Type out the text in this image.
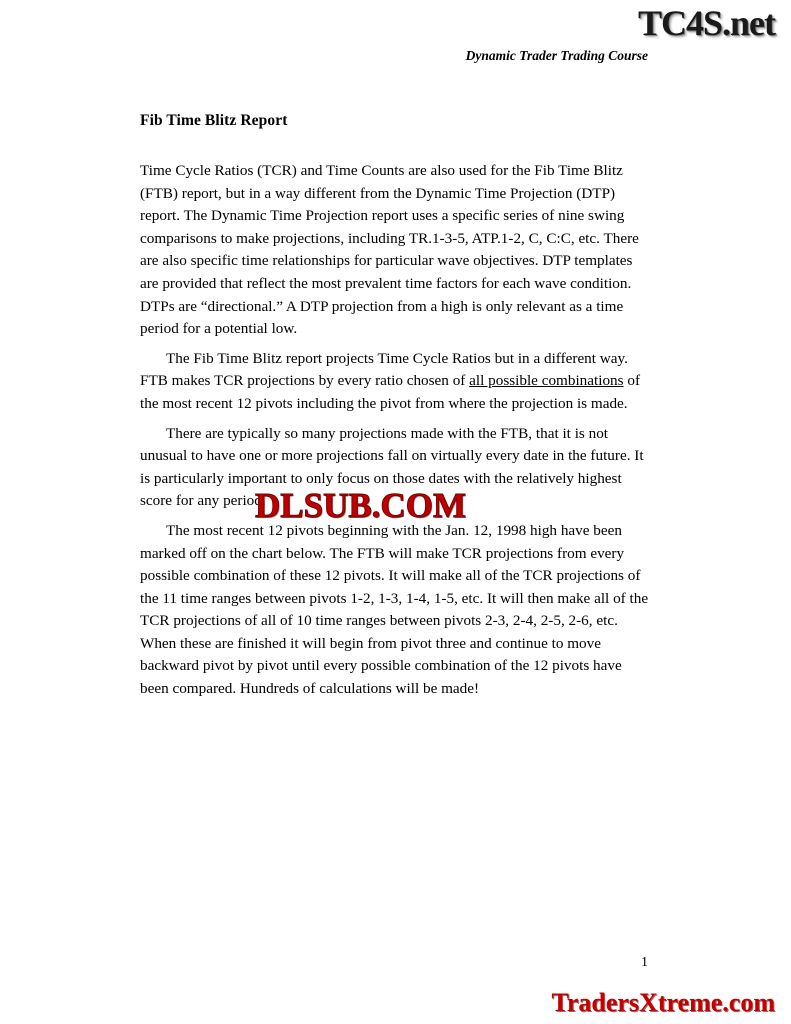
TC4S.net
Dynamic Trader Trading Course
Fib Time Blitz Report

Time Cycle Ratios (TCR) and Time Counts are also used for the Fib Time Blitz (FTB) report, but in a way different from the Dynamic Time Projection (DTP) report. The Dynamic Time Projection report uses a specific series of nine swing comparisons to make projections, including TR.1-3-5, ATP.1-2, C, C:C, etc. There are also specific time relationships for particular wave objectives. DTP templates are provided that reflect the most prevalent time factors for each wave condition. DTPs are “directional.” A DTP projection from a high is only relevant as a time period for a potential low.

The Fib Time Blitz report projects Time Cycle Ratios but in a different way. FTB makes TCR projections by every ratio chosen of all possible combinations of the most recent 12 pivots including the pivot from where the projection is made.

There are typically so many projections made with the FTB, that it is not unusual to have one or more projections fall on virtually every date in the future. It is particularly important to only focus on those dates with the relatively highest score for any period.

The most recent 12 pivots beginning with the Jan. 12, 1998 high have been marked off on the chart below. The FTB will make TCR projections from every possible combination of these 12 pivots. It will make all of the TCR projections of the 11 time ranges between pivots 1-2, 1-3, 1-4, 1-5, etc. It will then make all of the TCR projections of all of 10 time ranges between pivots 2-3, 2-4, 2-5, 2-6, etc. When these are finished it will begin from pivot three and continue to move backward pivot by pivot until every possible combination of the 12 pivots have been compared. Hundreds of calculations will be made!

DLSUB.COM
1
TradersXtreme.com
